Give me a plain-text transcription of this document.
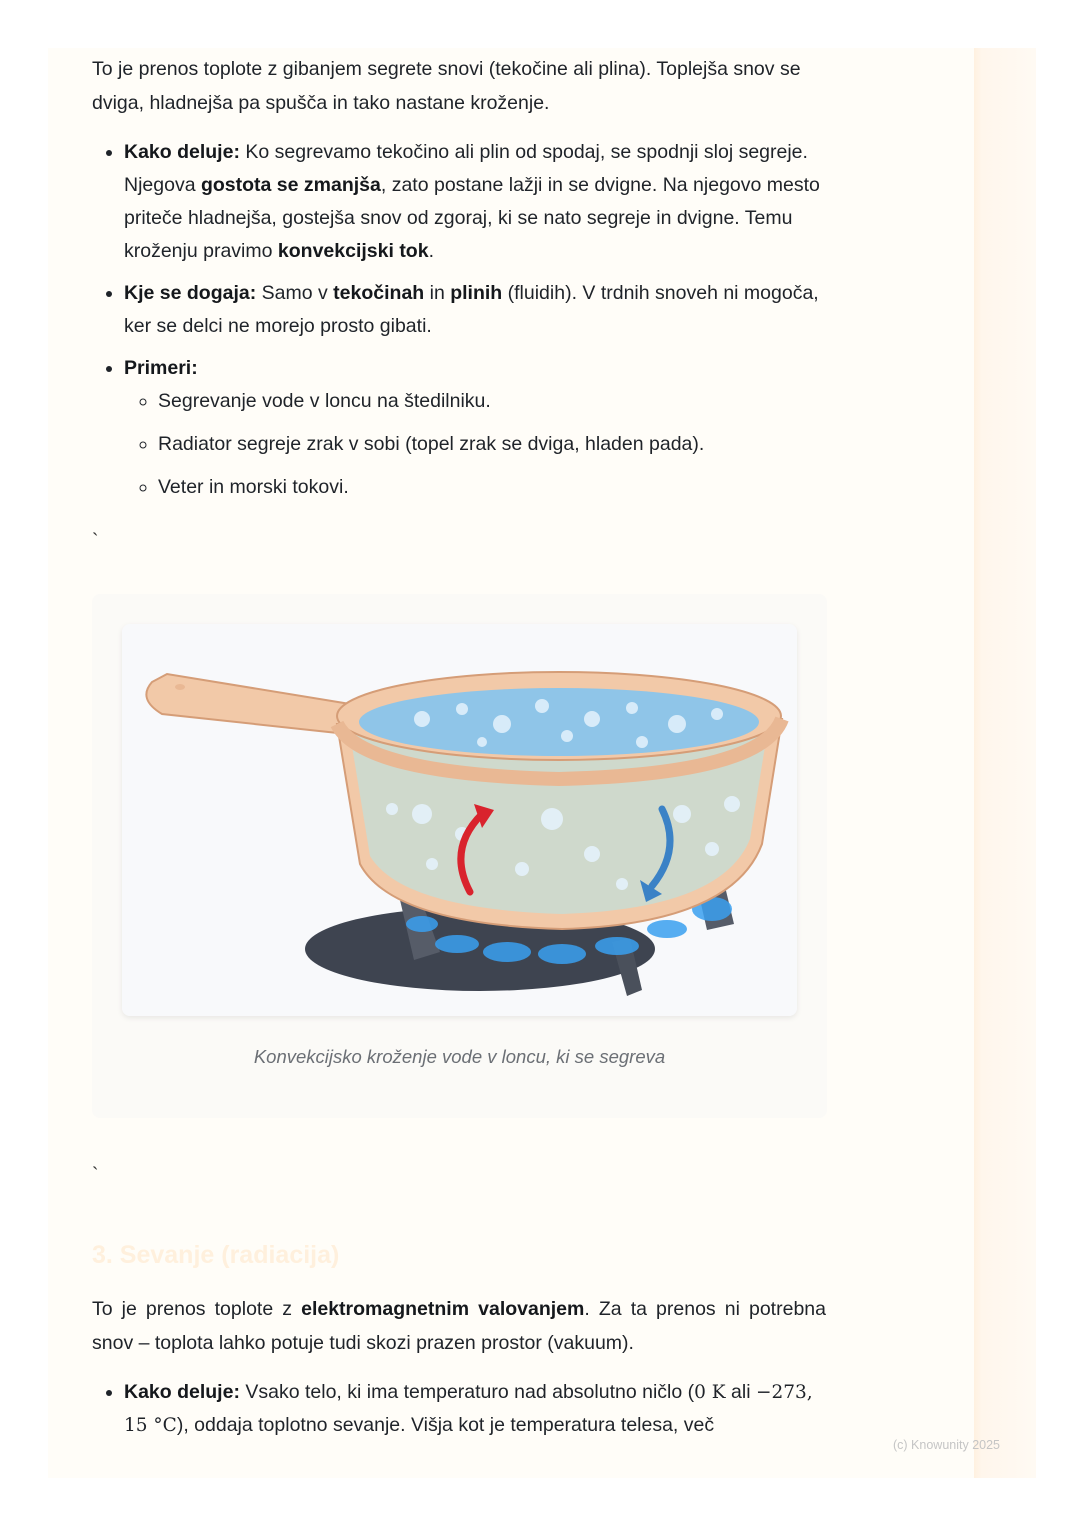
To je prenos toplote z gibanjem segrete snovi (tekočine ali plina). Toplejša snov se dviga, hladnejša pa spušča in tako nastane kroženje.

• Kako deluje: Ko segrevamo tekočino ali plin od spodaj, se spodnji sloj segreje. Njegova gostota se zmanjša, zato postane lažji in se dvigne. Na njegovo mesto priteče hladnejša, gostejša snov od zgoraj, ki se nato segreje in dvigne. Temu kroženju pravimo konvekcijski tok.
• Kje se dogaja: Samo v tekočinah in plinih (fluidih). V trdnih snoveh ni mogoča, ker se delci ne morejo prosto gibati.
• Primeri:
◦ Segrevanje vode v loncu na štedilniku.
◦ Radiator segreje zrak v sobi (topel zrak se dviga, hladen pada).
◦ Veter in morski tokovi.
`
Konvekcijsko kroženje vode v loncu, ki se segreva
`
3. Sevanje (radiacija)

To je prenos toplote z elektromagnetnim valovanjem. Za ta prenos ni potrebna snov – toplota lahko potuje tudi skozi prazen prostor (vakuum).

• Kako deluje: Vsako telo, ki ima temperaturo nad absolutno ničlo (0 K ali −273, 15 °C), oddaja toplotno sevanje. Višja kot je temperatura telesa, več
(c) Knowunity 2025
